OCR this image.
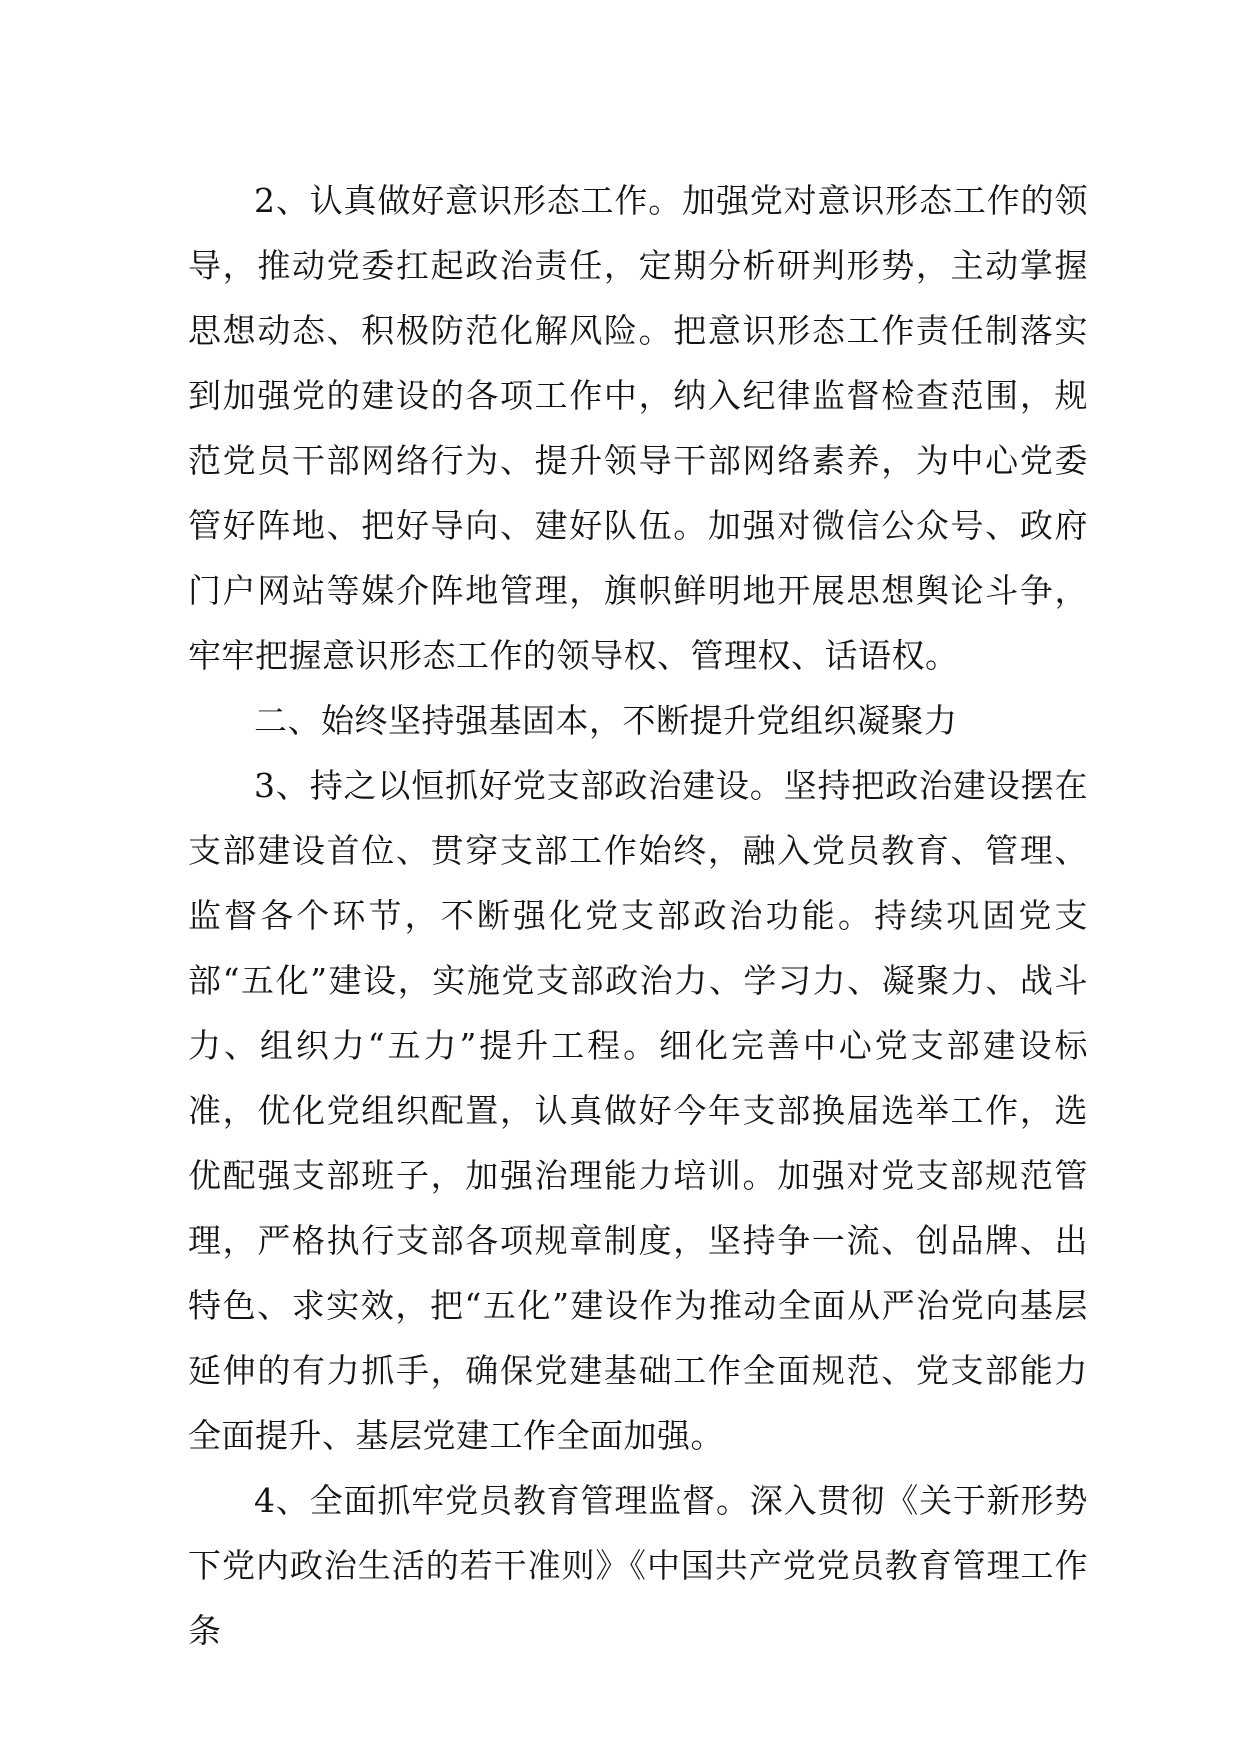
2、认真做好意识形态工作。加强党对意识形态工作的领导，推动党委扛起政治责任，定期分析研判形势，主动掌握思想动态、积极防范化解风险。把意识形态工作责任制落实到加强党的建设的各项工作中，纳入纪律监督检查范围，规范党员干部网络行为、提升领导干部网络素养，为中心党委管好阵地、把好导向、建好队伍。加强对微信公众号、政府门户网站等媒介阵地管理，旗帜鲜明地开展思想舆论斗争，牢牢把握意识形态工作的领导权、管理权、话语权。

二、始终坚持强基固本，不断提升党组织凝聚力

3、持之以恒抓好党支部政治建设。坚持把政治建设摆在支部建设首位、贯穿支部工作始终，融入党员教育、管理、监督各个环节，不断强化党支部政治功能。持续巩固党支部“五化”建设，实施党支部政治力、学习力、凝聚力、战斗力、组织力“五力”提升工程。细化完善中心党支部建设标准，优化党组织配置，认真做好今年支部换届选举工作，选优配强支部班子，加强治理能力培训。加强对党支部规范管理，严格执行支部各项规章制度，坚持争一流、创品牌、出特色、求实效，把“五化”建设作为推动全面从严治党向基层延伸的有力抓手，确保党建基础工作全面规范、党支部能力全面提升、基层党建工作全面加强。

4、全面抓牢党员教育管理监督。深入贯彻《关于新形势下党内政治生活的若干准则》《中国共产党党员教育管理工作条
